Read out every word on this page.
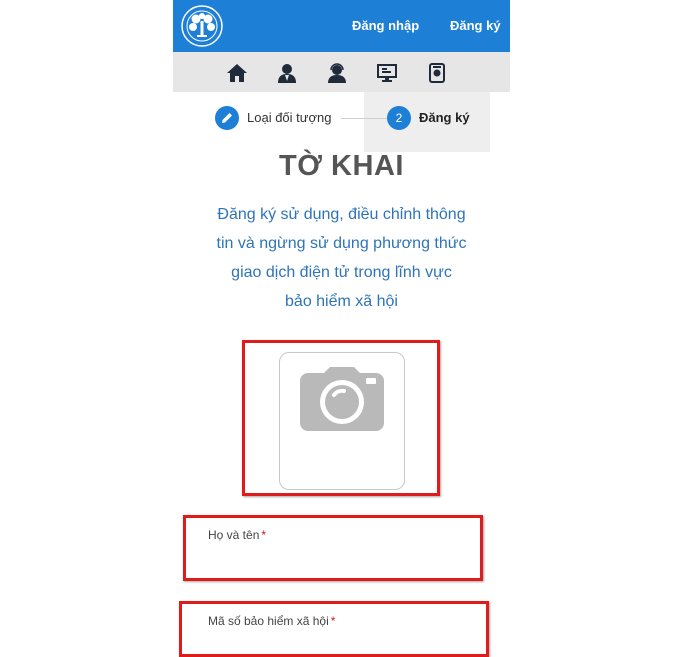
Đăng nhập Đăng ký
Loại đối tượng	2	Đăng ký
TỜ KHAI
Đăng ký sử dụng, điều chỉnh thông
tin và ngừng sử dụng phương thức
giao dịch điện tử trong lĩnh vực
bảo hiểm xã hội
Họ và tên *
Mã số bảo hiểm xã hội *
